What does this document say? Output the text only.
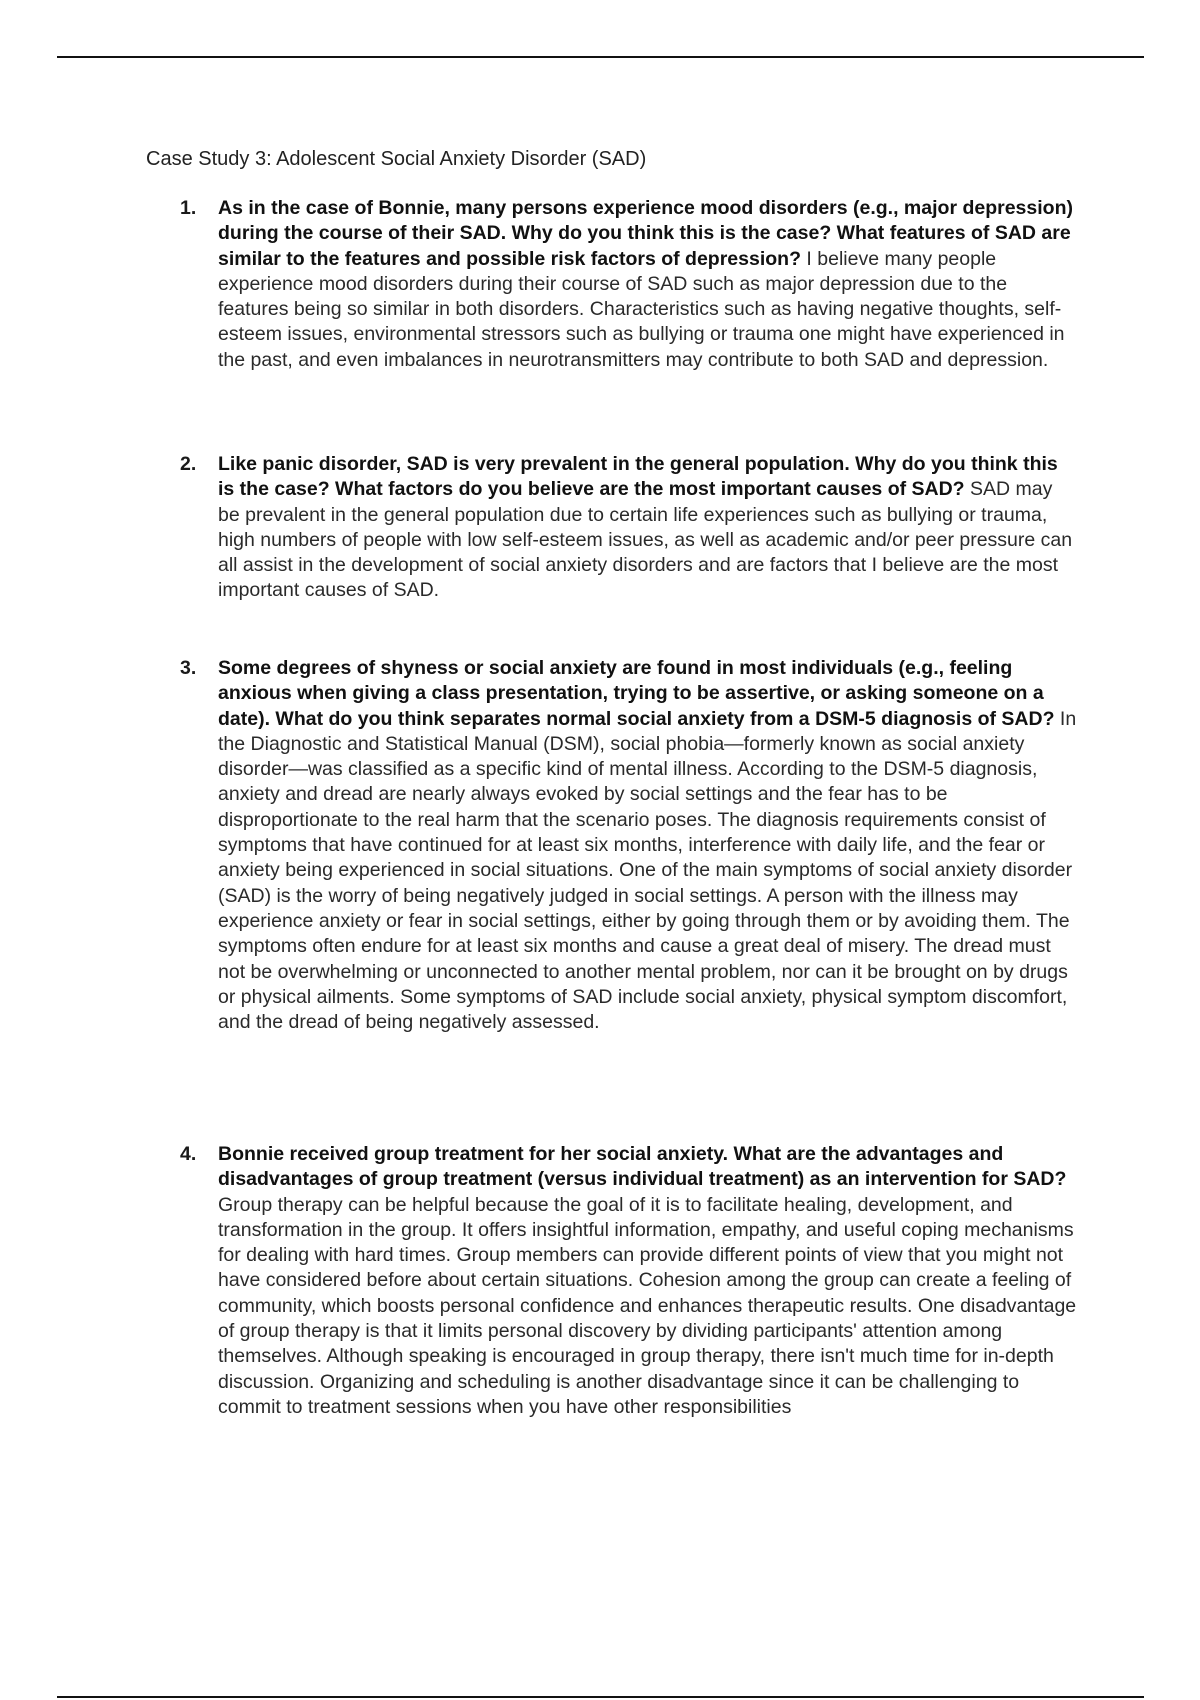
Case Study 3: Adolescent Social Anxiety Disorder (SAD)
1. As in the case of Bonnie, many persons experience mood disorders (e.g., major depression) during the course of their SAD. Why do you think this is the case? What features of SAD are similar to the features and possible risk factors of depression? I believe many people experience mood disorders during their course of SAD such as major depression due to the features being so similar in both disorders. Characteristics such as having negative thoughts, self-esteem issues, environmental stressors such as bullying or trauma one might have experienced in the past, and even imbalances in neurotransmitters may contribute to both SAD and depression.
2. Like panic disorder, SAD is very prevalent in the general population. Why do you think this is the case? What factors do you believe are the most important causes of SAD? SAD may be prevalent in the general population due to certain life experiences such as bullying or trauma, high numbers of people with low self-esteem issues, as well as academic and/or peer pressure can all assist in the development of social anxiety disorders and are factors that I believe are the most important causes of SAD.
3. Some degrees of shyness or social anxiety are found in most individuals (e.g., feeling anxious when giving a class presentation, trying to be assertive, or asking someone on a date). What do you think separates normal social anxiety from a DSM-5 diagnosis of SAD? In the Diagnostic and Statistical Manual (DSM), social phobia—formerly known as social anxiety disorder—was classified as a specific kind of mental illness. According to the DSM-5 diagnosis, anxiety and dread are nearly always evoked by social settings and the fear has to be disproportionate to the real harm that the scenario poses. The diagnosis requirements consist of symptoms that have continued for at least six months, interference with daily life, and the fear or anxiety being experienced in social situations. One of the main symptoms of social anxiety disorder (SAD) is the worry of being negatively judged in social settings. A person with the illness may experience anxiety or fear in social settings, either by going through them or by avoiding them. The symptoms often endure for at least six months and cause a great deal of misery. The dread must not be overwhelming or unconnected to another mental problem, nor can it be brought on by drugs or physical ailments. Some symptoms of SAD include social anxiety, physical symptom discomfort, and the dread of being negatively assessed.
4. Bonnie received group treatment for her social anxiety. What are the advantages and disadvantages of group treatment (versus individual treatment) as an intervention for SAD? Group therapy can be helpful because the goal of it is to facilitate healing, development, and transformation in the group. It offers insightful information, empathy, and useful coping mechanisms for dealing with hard times. Group members can provide different points of view that you might not have considered before about certain situations. Cohesion among the group can create a feeling of community, which boosts personal confidence and enhances therapeutic results. One disadvantage of group therapy is that it limits personal discovery by dividing participants' attention among themselves. Although speaking is encouraged in group therapy, there isn't much time for in-depth discussion. Organizing and scheduling is another disadvantage since it can be challenging to commit to treatment sessions when you have other responsibilities
